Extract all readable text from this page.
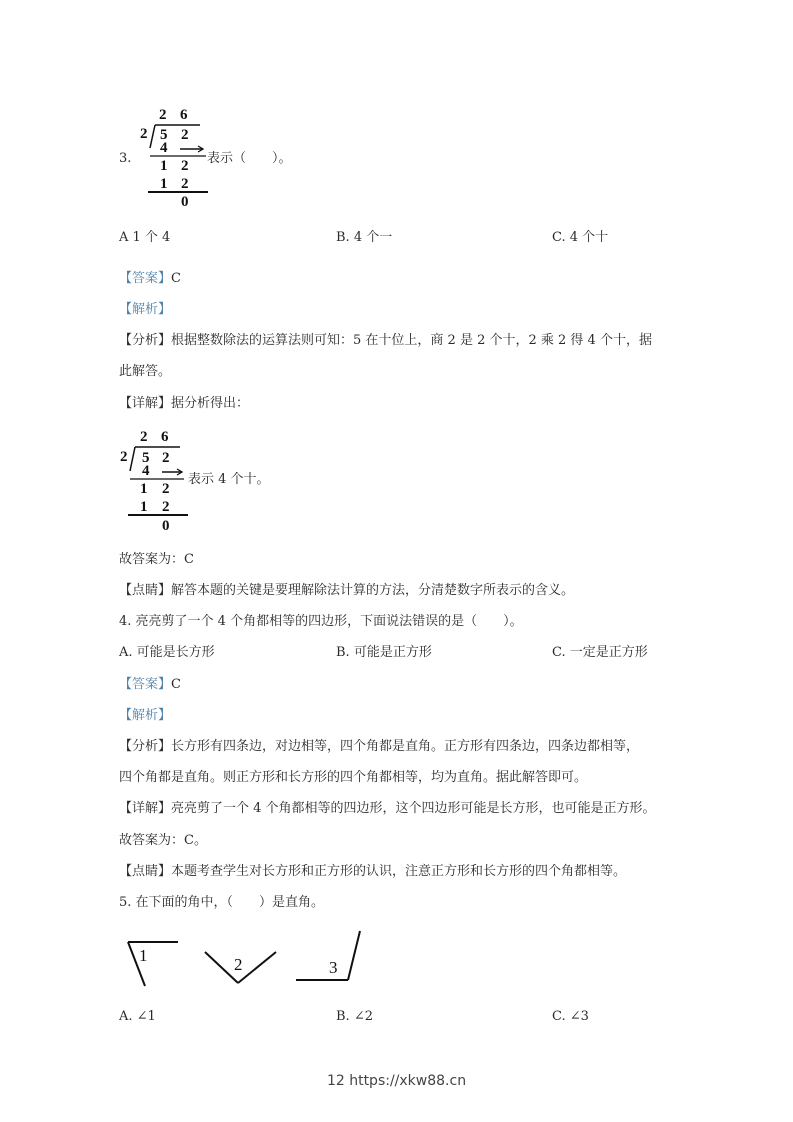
3.
2 6
2 5 2
4
1 2
1 2
0
表示（　　）。
A 1 个 4	B. 4 个一	C. 4 个十
【答案】C
【解析】
【分析】根据整数除法的运算法则可知：5 在十位上，商 2 是 2 个十，2 乘 2 得 4 个十，据
此解答。
【详解】据分析得出：
2 6
2 5 2
4
1 2
1 2
0
表示 4 个十。
故答案为：C
【点睛】解答本题的关键是要理解除法计算的方法，分清楚数字所表示的含义。
4. 亮亮剪了一个 4 个角都相等的四边形，下面说法错误的是（　　）。
A. 可能是长方形	B. 可能是正方形	C. 一定是正方形
【答案】C
【解析】
【分析】长方形有四条边，对边相等，四个角都是直角。正方形有四条边，四条边都相等，
四个角都是直角。则正方形和长方形的四个角都相等，均为直角。据此解答即可。
【详解】亮亮剪了一个 4 个角都相等的四边形，这个四边形可能是长方形，也可能是正方形。
故答案为：C。
【点睛】本题考查学生对长方形和正方形的认识，注意正方形和长方形的四个角都相等。
5. 在下面的角中，（　　）是直角。
1	2	3
A. ∠1	B. ∠2	C. ∠3
12 https://xkw88.cn
